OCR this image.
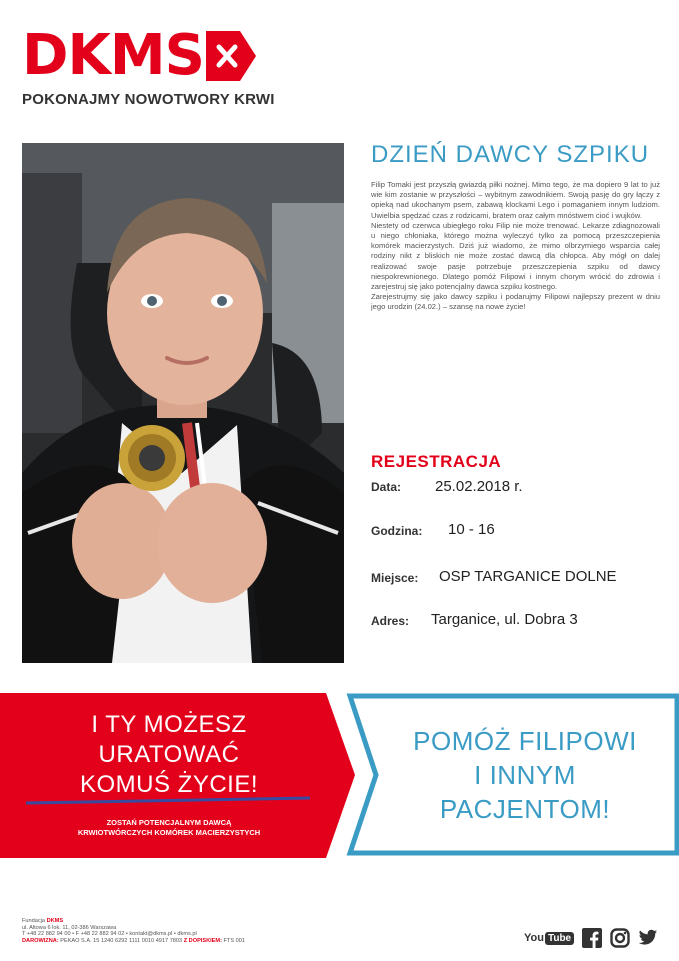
DKMS
POKONAJMY NOWOTWORY KRWI
DZIEŃ DAWCY SZPIKU

Filip Tomaki jest przyszłą gwiazdą piłki nożnej. Mimo tego, że ma dopiero 9 lat to już wie kim zostanie w przyszłości – wybitnym zawodnikiem. Swoją pasję do gry łączy z opieką nad ukochanym psem, zabawą klockami Lego i pomaganiem innym ludziom. Uwielbia spędzać czas z rodzicami, bratem oraz całym mnóstwem cioć i wujków.

Niestety od czerwca ubiegłego roku Filip nie może trenować. Lekarze zdiagnozowali u niego chłoniaka, którego można wyleczyć tylko za pomocą przeszczepienia komórek macierzystych. Dziś już wiadomo, że mimo olbrzymiego wsparcia całej rodziny nikt z bliskich nie może zostać dawcą dla chłopca. Aby mógł on dalej realizować swoje pasje potrzebuje przeszczepienia szpiku od dawcy niespokrewnionego. Dlatego pomóż Filipowi i innym chorym wrócić do zdrowia i zarejestruj się jako potencjalny dawca szpiku kostnego.

Zarejestrujmy się jako dawcy szpiku i podarujmy Filipowi najlepszy prezent w dniu jego urodzin (24.02.) – szansę na nowe życie!

REJESTRACJA
Data: 25.02.2018 r.
Godzina: 10 - 16
Miejsce: OSP TARGANICE DOLNE
Adres: Targanice, ul. Dobra 3
I TY MOŻESZ
URATOWAĆ
KOMUŚ ŻYCIE!
ZOSTAŃ POTENCJALNYM DAWCĄ
KRWIOTWÓRCZYCH KOMÓREK MACIERZYSTYCH
POMÓŻ FILIPOWI
I INNYM
PACJENTOM!
Fundacja DKMS
ul. Altowa 6 lok. 11, 02-386 Warszawa
T +48 22 882 94 00 • F +48 22 882 94 02 • kontakt@dkms.pl • dkms.pl
DAROWIZNA: PEKAO S.A. 15 1240 6292 1111 0010 4917 7803 Z DOPISKIEM: FTS 001	You Tube
